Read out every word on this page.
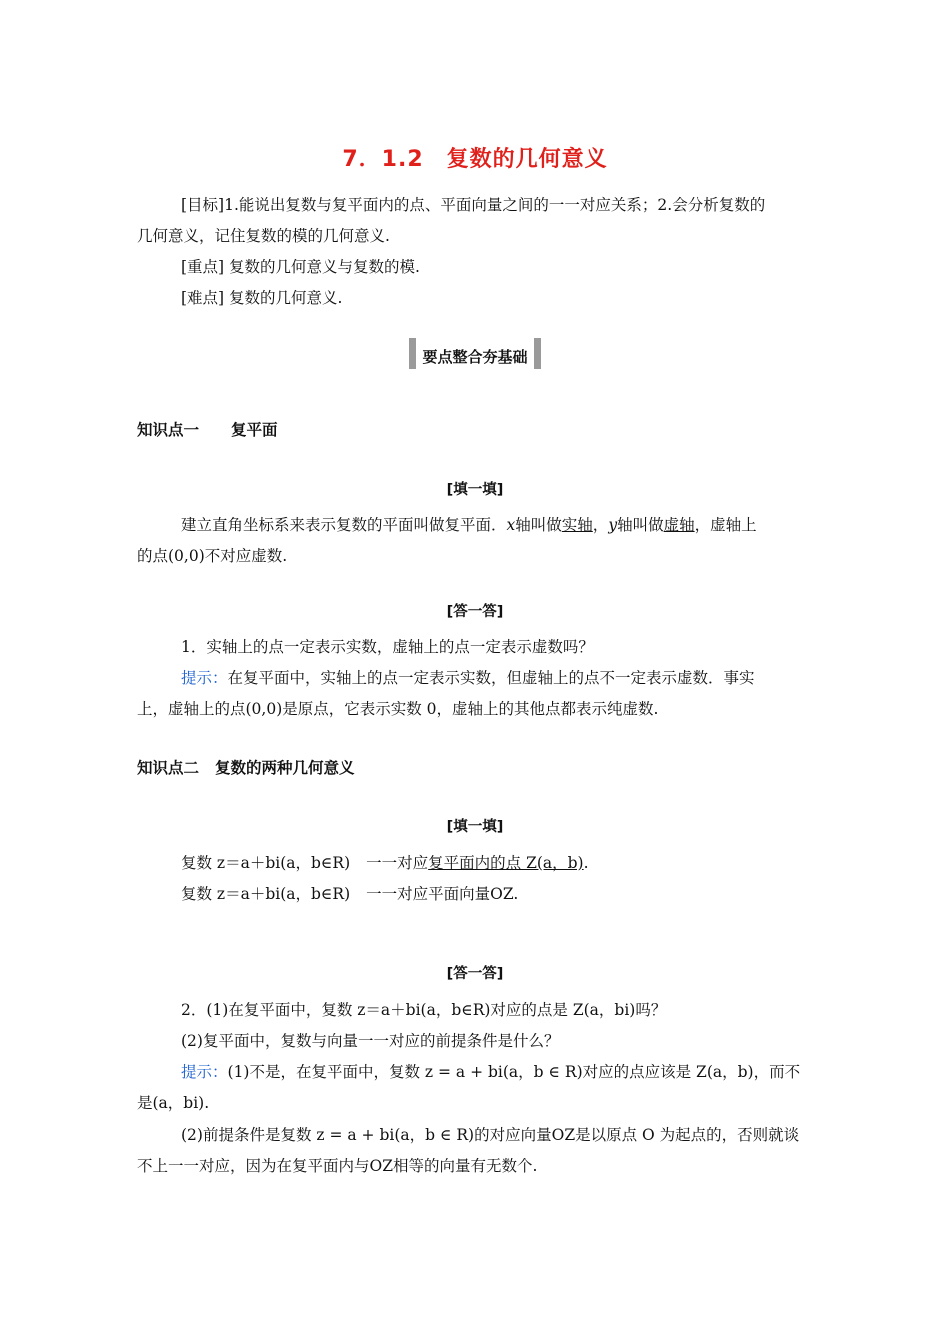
7．1.2　复数的几何意义
[目标]1.能说出复数与复平面内的点、平面向量之间的一一对应关系；2.会分析复数的
几何意义，记住复数的模的几何意义.
[重点] 复数的几何意义与复数的模.
[难点] 复数的几何意义.
要点整合夯基础
知识点一 复平面
[填一填]
建立直角坐标系来表示复数的平面叫做复平面．x轴叫做实轴，y轴叫做虚轴，虚轴上
的点(0,0)不对应虚数.
[答一答]
1．实轴上的点一定表示实数，虚轴上的点一定表示虚数吗？
提示：在复平面中，实轴上的点一定表示实数，但虚轴上的点不一定表示虚数．事实
上，虚轴上的点(0,0)是原点，它表示实数 0，虚轴上的其他点都表示纯虚数.
知识点二 复数的两种几何意义
[填一填]
复数 z＝a＋bi(a，b∈R) 一一对应复平面内的点 Z(a，b).
复数 z＝a＋bi(a，b∈R) 一一对应平面向量OZ.
[答一答]
2．(1)在复平面中，复数 z＝a＋bi(a，b∈R)对应的点是 Z(a，bi)吗？
(2)复平面中，复数与向量一一对应的前提条件是什么？
提示：(1)不是，在复平面中，复数 z = a + bi(a，b ∈ R)对应的点应该是 Z(a，b)，而不
是(a，bi).
(2)前提条件是复数 z = a + bi(a，b ∈ R)的对应向量OZ是以原点 O 为起点的，否则就谈
不上一一对应，因为在复平面内与OZ相等的向量有无数个.
